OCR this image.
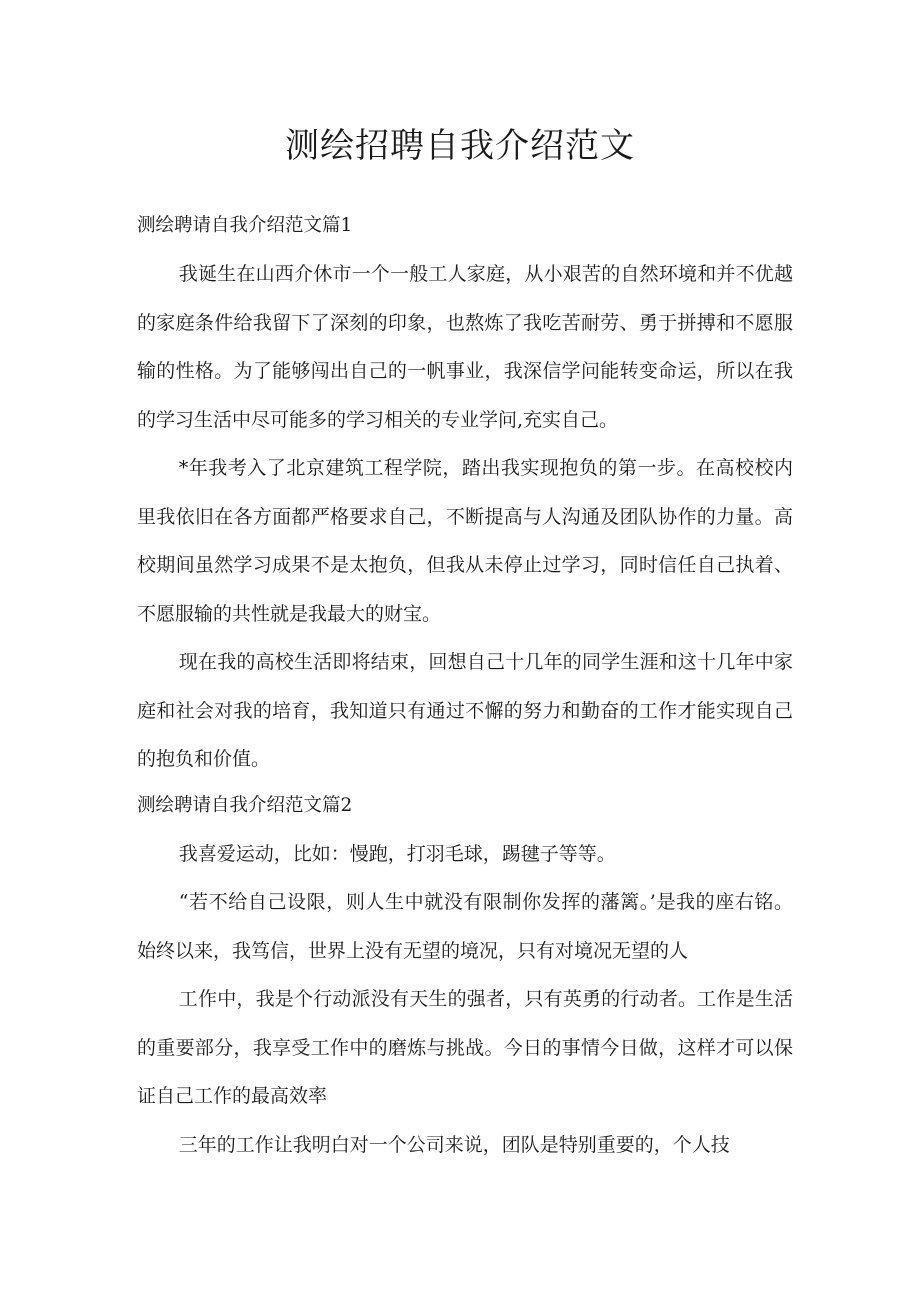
测绘招聘自我介绍范文

测绘聘请自我介绍范文篇1

我诞生在山西介休市一个一般工人家庭，从小艰苦的自然环境和并不优越的家庭条件给我留下了深刻的印象，也熬炼了我吃苦耐劳、勇于拼搏和不愿服输的性格。为了能够闯出自己的一帆事业，我深信学问能转变命运，所以在我的学习生活中尽可能多的学习相关的专业学问,充实自己。

*年我考入了北京建筑工程学院，踏出我实现抱负的第一步。在高校校内里我依旧在各方面都严格要求自己，不断提高与人沟通及团队协作的力量。高校期间虽然学习成果不是太抱负，但我从未停止过学习，同时信任自己执着、不愿服输的共性就是我最大的财宝。

现在我的高校生活即将结束，回想自己十几年的同学生涯和这十几年中家庭和社会对我的培育，我知道只有通过不懈的努力和勤奋的工作才能实现自己的抱负和价值。

测绘聘请自我介绍范文篇2

我喜爱运动，比如：慢跑，打羽毛球，踢毽子等等。

“若不给自己设限，则人生中就没有限制你发挥的藩篱。’是我的座右铭。始终以来，我笃信，世界上没有无望的境况，只有对境况无望的人

工作中，我是个行动派没有天生的强者，只有英勇的行动者。工作是生活的重要部分，我享受工作中的磨炼与挑战。今日的事情今日做，这样才可以保证自己工作的最高效率

三年的工作让我明白对一个公司来说，团队是特别重要的，个人技
